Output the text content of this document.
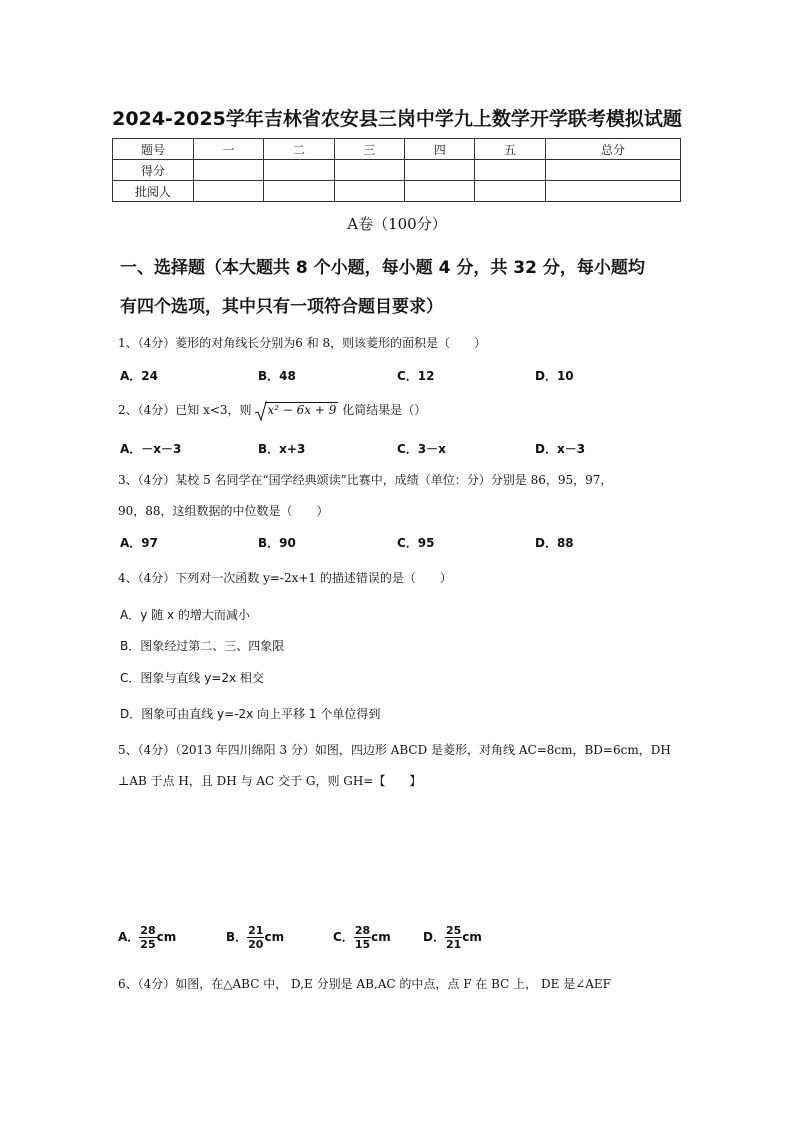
2024-2025学年吉林省农安县三岗中学九上数学开学联考模拟试题
题号	一	二	三	四	五	总分
得分						
批阅人						
A卷（100分）
一、选择题（本大题共 8 个小题，每小题 4 分，共 32 分，每小题均
有四个选项，其中只有一项符合题目要求）
1、（4分）菱形的对角线长分别为6 和 8，则该菱形的面积是（　　）
A．24	B．48	C．12	D．10
2、（4分）已知 x<3，则 x² − 6x + 9 化简结果是（）
A．－x－3	B．x+3	C．3－x	D．x－3
3、（4分）某校 5 名同学在“国学经典颂读”比赛中，成绩（单位：分）分别是 86，95，97，
90，88，这组数据的中位数是（　　）
A．97	B．90	C．95	D．88
4、（4分）下列对一次函数 y=-2x+1 的描述错误的是（　　）
A．y 随 x 的增大而减小
B．图象经过第二、三、四象限
C．图象与直线 y=2x 相交
D．图象可由直线 y=-2x 向上平移 1 个单位得到
5、（4分）（2013 年四川绵阳 3 分）如图，四边形 ABCD 是菱形，对角线 AC=8cm，BD=6cm，DH
⊥AB 于点 H，且 DH 与 AC 交于 G，则 GH=【　　】
A． $\frac{28}{25}$ cm	B． $\frac{21}{20}$ cm	C． $\frac{28}{15}$ cm	D． $\frac{25}{21}$ cm
6、（4分）如图，在△ABC 中， D,E 分别是 AB,AC 的中点，点 F 在 BC 上， DE 是∠AEF
